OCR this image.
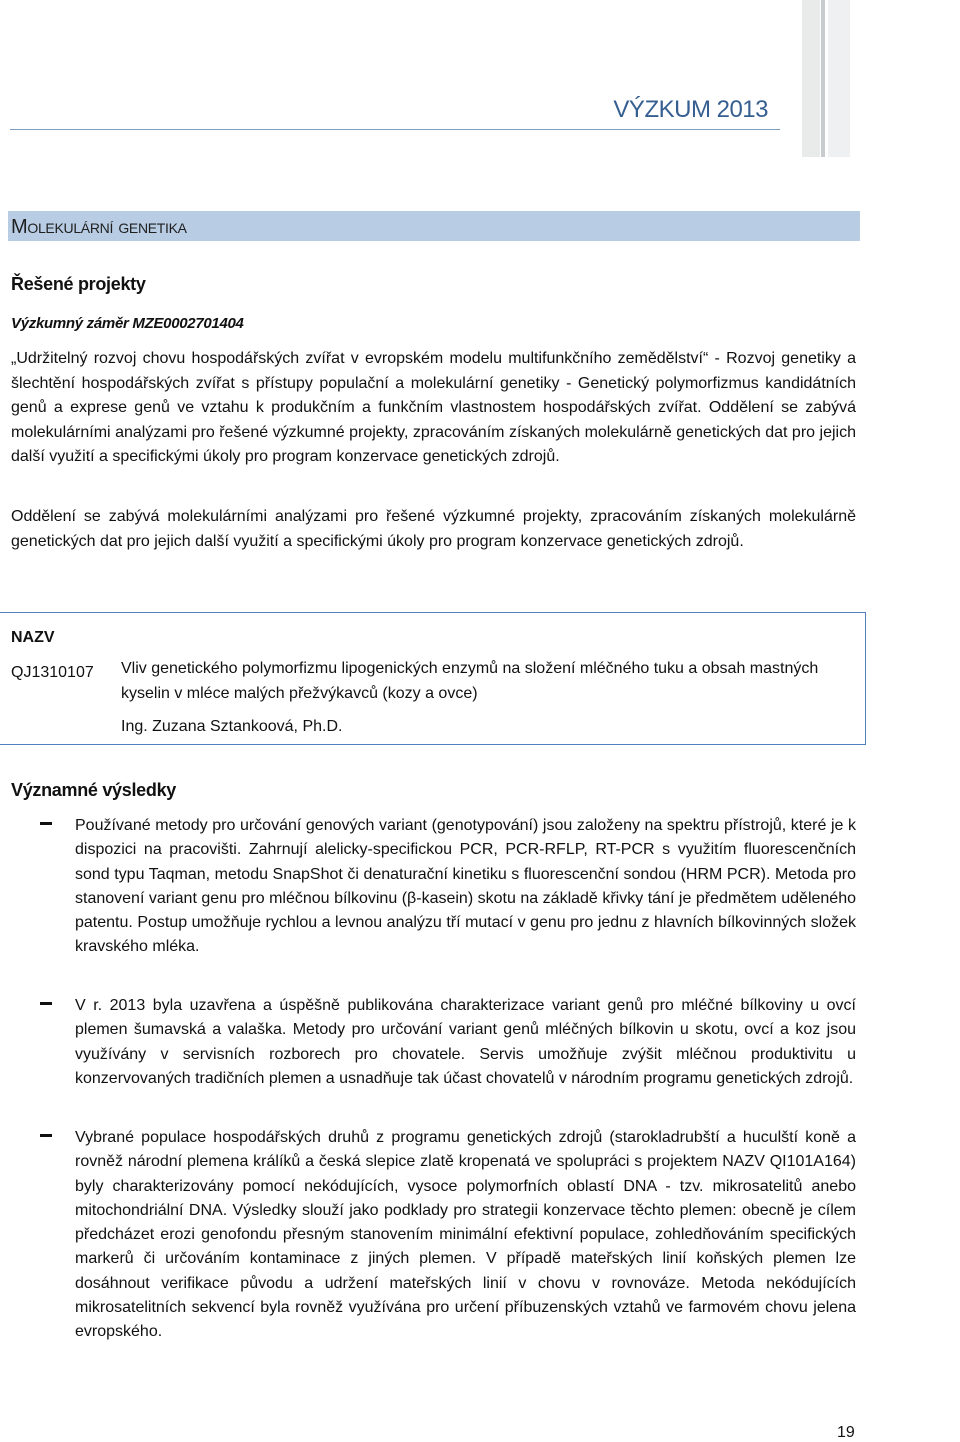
VÝZKUM 2013
Molekulární genetika
Řešené projekty
Výzkumný záměr MZE0002701404

„Udržitelný rozvoj chovu hospodářských zvířat v evropském modelu multifunkčního zemědělství“ - Rozvoj genetiky a šlechtění hospodářských zvířat s přístupy populační a molekulární genetiky - Genetický polymorfizmus kandidátních genů a exprese genů ve vztahu k produkčním a funkčním vlastnostem hospodářských zvířat. Oddělení se zabývá molekulárními analýzami pro řešené výzkumné projekty, zpracováním získaných molekulárně genetických dat pro jejich další využití a specifickými úkoly pro program konzervace genetických zdrojů.

Oddělení se zabývá molekulárními analýzami pro řešené výzkumné projekty, zpracováním získaných molekulárně genetických dat pro jejich další využití a specifickými úkoly pro program konzervace genetických zdrojů.

NAZV
QJ1310107 Vliv genetického polymorfizmu lipogenických enzymů na složení mléčného tuku a obsah mastných kyselin v mléce malých přežvýkavců (kozy a ovce)

Ing. Zuzana Sztankoová, Ph.D.
Významné výsledky

Používané metody pro určování genových variant (genotypování) jsou založeny na spektru přístrojů, které je k dispozici na pracovišti. Zahrnují alelicky-specifickou PCR, PCR-RFLP, RT-PCR s využitím fluorescenčních sond typu Taqman, metodu SnapShot či denaturační kinetiku s fluorescenční sondou (HRM PCR). Metoda pro stanovení variant genu pro mléčnou bílkovinu (β-kasein) skotu na základě křivky tání je předmětem uděleného patentu. Postup umožňuje rychlou a levnou analýzu tří mutací v genu pro jednu z hlavních bílkovinných složek kravského mléka.

V r. 2013 byla uzavřena a úspěšně publikována charakterizace variant genů pro mléčné bílkoviny u ovcí plemen šumavská a valaška. Metody pro určování variant genů mléčných bílkovin u skotu, ovcí a koz jsou využívány v servisních rozborech pro chovatele. Servis umožňuje zvýšit mléčnou produktivitu u konzervovaných tradičních plemen a usnadňuje tak účast chovatelů v národním programu genetických zdrojů.

Vybrané populace hospodářských druhů z programu genetických zdrojů (starokladrubští a huculští koně a rovněž národní plemena králíků a česká slepice zlatě kropenatá ve spolupráci s projektem NAZV QI101A164) byly charakterizovány pomocí nekódujících, vysoce polymorfních oblastí DNA - tzv. mikrosatelitů anebo mitochondriální DNA. Výsledky slouží jako podklady pro strategii konzervace těchto plemen: obecně je cílem předcházet erozi genofondu přesným stanovením minimální efektivní populace, zohledňováním specifických markerů či určováním kontaminace z jiných plemen. V případě mateřských linií koňských plemen lze dosáhnout verifikace původu a udržení mateřských linií v chovu v rovnováze. Metoda nekódujících mikrosatelitních sekvencí byla rovněž využívána pro určení příbuzenských vztahů ve farmovém chovu jelena evropského.

19
